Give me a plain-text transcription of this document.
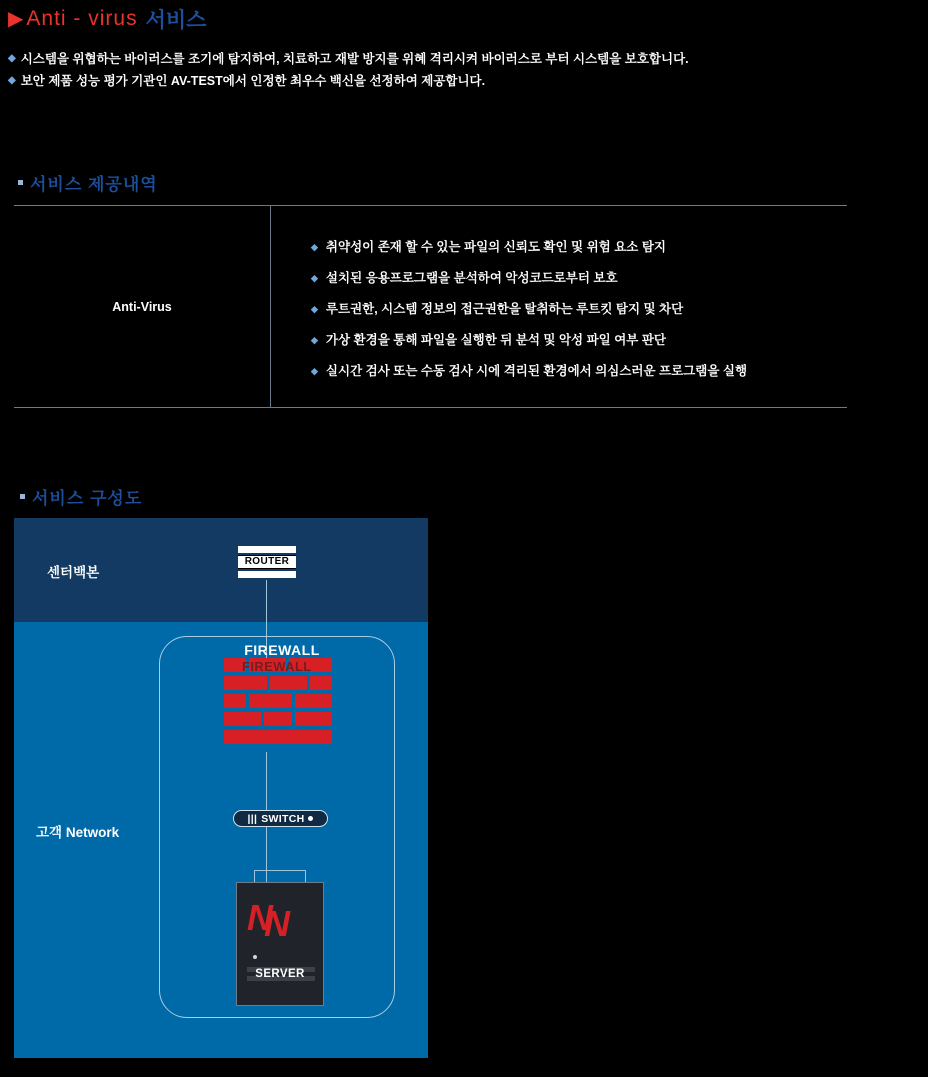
▶ Anti - virus 서비스
◆ 시스템을 위협하는 바이러스를 조기에 탐지하여, 치료하고 재발 방지를 위혜 격리시켜 바이러스로 부터 시스템을 보호합니다.
◆ 보안 제품 성능 평가 기관인 AV-TEST에서 인정한 최우수 백신을 선정하여 제공합니다.
서비스 제공내역
Anti-Virus
◆ 취약성이 존재 할 수 있는 파일의 신뢰도 확인 및 위험 요소 탐지
◆ 설치된 응용프로그램을 분석하여 악성코드로부터 보호
◆ 루트권한, 시스템 정보의 접근권한을 탈취하는 루트킷 탐지 및 차단
◆ 가상 환경을 통해 파일을 실행한 뒤 분석 및 악성 파일 여부 판단
◆ 실시간 검사 또는 수동 검사 시에 격리된 환경에서 의심스러운 프로그램을 실행
서비스 구성도
센터백본
고객 Network
ROUTER
FIREWALL
FIREWALL
||| SWITCH
NN
SERVER
